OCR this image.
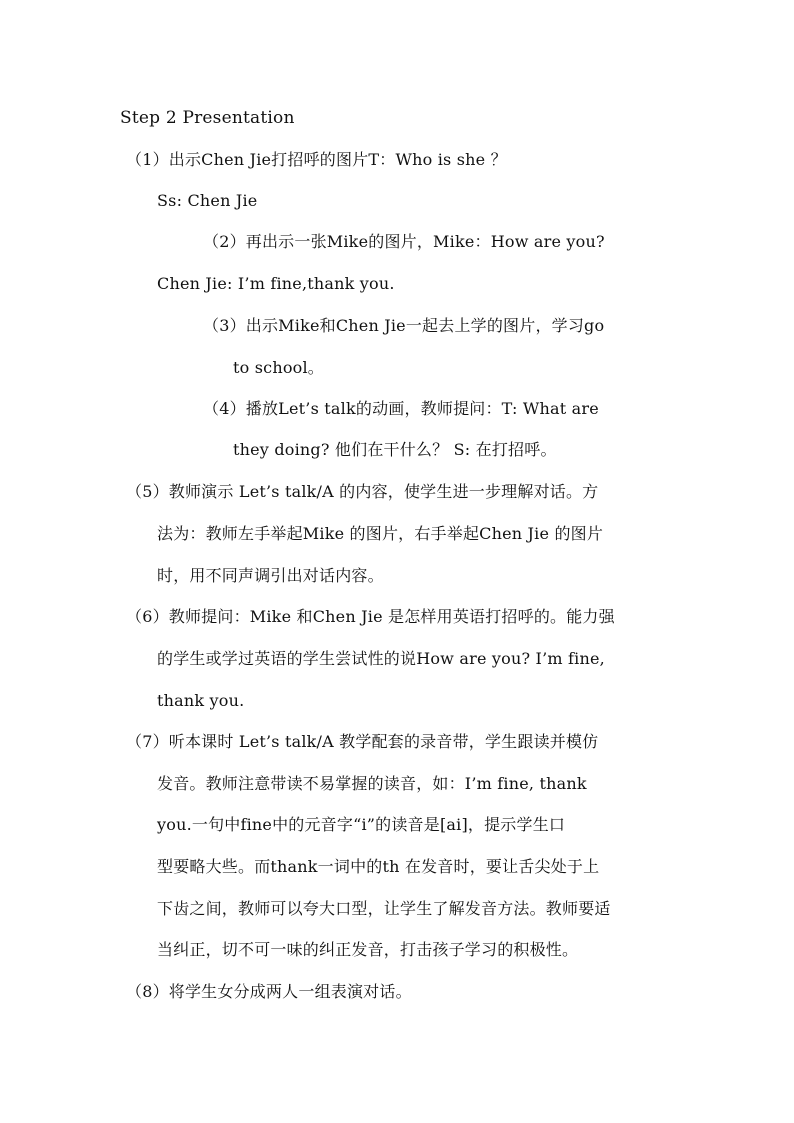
Step 2 Presentation
（1）出示Chen Jie打招呼的图片T：Who is she ？
Ss: Chen Jie
（2）再出示一张Mike的图片，Mike：How are you?
Chen Jie: I’m fine,thank you.
（3）出示Mike和Chen Jie一起去上学的图片，学习go
to school。
（4）播放Let’s talk的动画，教师提问：T: What are
they doing? 他们在干什么？ S: 在打招呼。
（5）教师演示 Let’s talk/A 的内容，使学生进一步理解对话。方
法为：教师左手举起Mike 的图片，右手举起Chen Jie 的图片
时，用不同声调引出对话内容。
（6）教师提问：Mike 和Chen Jie 是怎样用英语打招呼的。能力强
的学生或学过英语的学生尝试性的说How are you? I’m fine,
thank you.
（7）听本课时 Let’s talk/A 教学配套的录音带，学生跟读并模仿
发音。教师注意带读不易掌握的读音，如：I’m fine, thank
you.一句中fine中的元音字“i”的读音是[ai]，提示学生口
型要略大些。而thank一词中的th 在发音时，要让舌尖处于上
下齿之间，教师可以夸大口型，让学生了解发音方法。教师要适
当纠正，切不可一味的纠正发音，打击孩子学习的积极性。
（8）将学生女分成两人一组表演对话。
